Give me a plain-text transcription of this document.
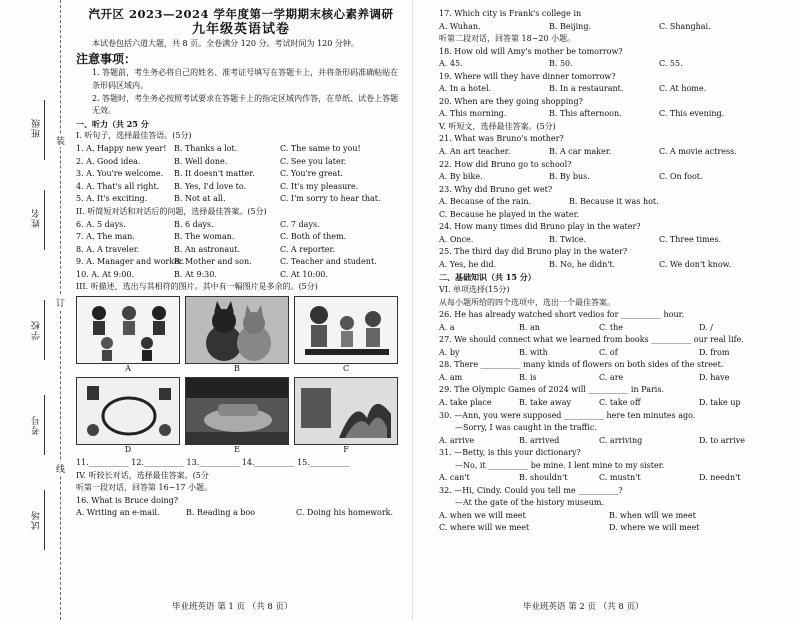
班级
姓名
学校
考号
试场
装
订
线
汽开区 2023—2024 学年度第一学期期末核心素养调研
九年级英语试卷

本试卷包括六道大题，共 8 页。全卷满分 120 分。考试时间为 120 分钟。

注意事项：

1. 答题前，考生务必将自己的姓名、准考证号填写在答题卡上，并将条形码准确粘贴在条形码区域内。

2. 答题时，考生务必按照考试要求在答题卡上的指定区域内作答，在草纸、试卷上答题无效。

一、听力（共 25 分
I. 听句子，选择最佳答语。(5分)
1. A. Happy new year! B. Thanks a lot.	C. The same to you!
2. A. Good idea.	B. Well done.	C. See you later.
3. A. You're welcome.	B. It doesn't matter.	C. You're great.
4. A. That's all right.	B. Yes, I'd love to.	C. It's my pleasure.
5. A. It's exciting.	B. Not at all.	C. I'm sorry to hear that.
II. 听简短对话和对话后的问题，选择最佳答案。(5分)
6. A. 5 days.	B. 6 days.	C. 7 days.
7. A. The man.	B. The woman.	C. Both of them.
8. A. A traveler.	B. An astronaut.	C. A reporter.
9. A. Manager and worker.
B. Mother and son.	C. Teacher and student.
10. A. At 9:00.	B. At 9:30.	C. At 10:00.
III. 听描述，选出与其相符的图片。其中有一幅图片是多余的。(5分)
A	B	C
D	E	F
11.__________ 12.__________ 13.__________ 14.__________ 15.__________
IV. 听较长对话，选择最佳答案。(5分
听第一段对话，回答第 16~17 小题。
16. What is Bruce doing?
A. Writing an e-mail.	B. Reading a boo	C. Doing his homework.
毕业班英语 第 1 页 （共 8 页）
17. Which city is Frank's college in
A. Wuhan.	B. Beijing.	C. Shanghai.
听第二段对话，回答第 18~20 小题。
18. How old will Amy's mother be tomorrow?
A. 45.	B. 50.	C. 55.
19. Where will they have dinner tomorrow?
A. In a hotel.	B. In a restaurant.	C. At home.
20. When are they going shopping?
A. This morning.	B. This afternoon.	C. This evening.
V. 听短文，选择最佳答案。(5分)
21. What was Bruno's mother?
A. An art teacher.	B. A car maker.	C. A movie actress.
22. How did Bruno go to school?
A. By bike.	B. By bus.	C. On foot.
23. Why did Bruno get wet?
A. Because of the rain.	B. Because it was hot.
C. Because he played in the water.
24. How many times did Bruno play in the water?
A. Once.	B. Twice.	C. Three times.
25. The third day did Bruno play in the water?
A. Yes, he did.	B. No, he didn't.	C. We don't know.
二、基础知识（共 15 分）
VI. 单项选择(15分)
从每小题所给的四个选项中，选出一个最佳答案。
26. He has already watched short vedios for __________ hour.
A. a	B. an	C. the	D. /
27. We should connect what we learned from books __________ our real life.
A. by	B. with	C. of	D. from
28. There __________ many kinds of flowers on both sides of the street.
A. am	B. is	C. are	D. have
29. The Olympic Games of 2024 will __________ in Paris.
A. take place	B. take away	C. take off	D. take up
30. —Ann, you were supposed __________ here ten minutes ago.
—Sorry, I was caught in the traffic.
A. arrive	B. arrived	C. arriving	D. to arrive
31. —Betty, is this your dictionary?
—No, it __________ be mine. I lent mine to my sister.
A. can't	B. shouldn't	C. mustn't	D. needn't
32. —Hi, Cindy. Could you tell me __________?
—At the gate of the history museum.
A. when we will meet	B. when will we meet
C. where will we meet	D. where we will meet
毕业班英语 第 2 页 （共 8 页）
